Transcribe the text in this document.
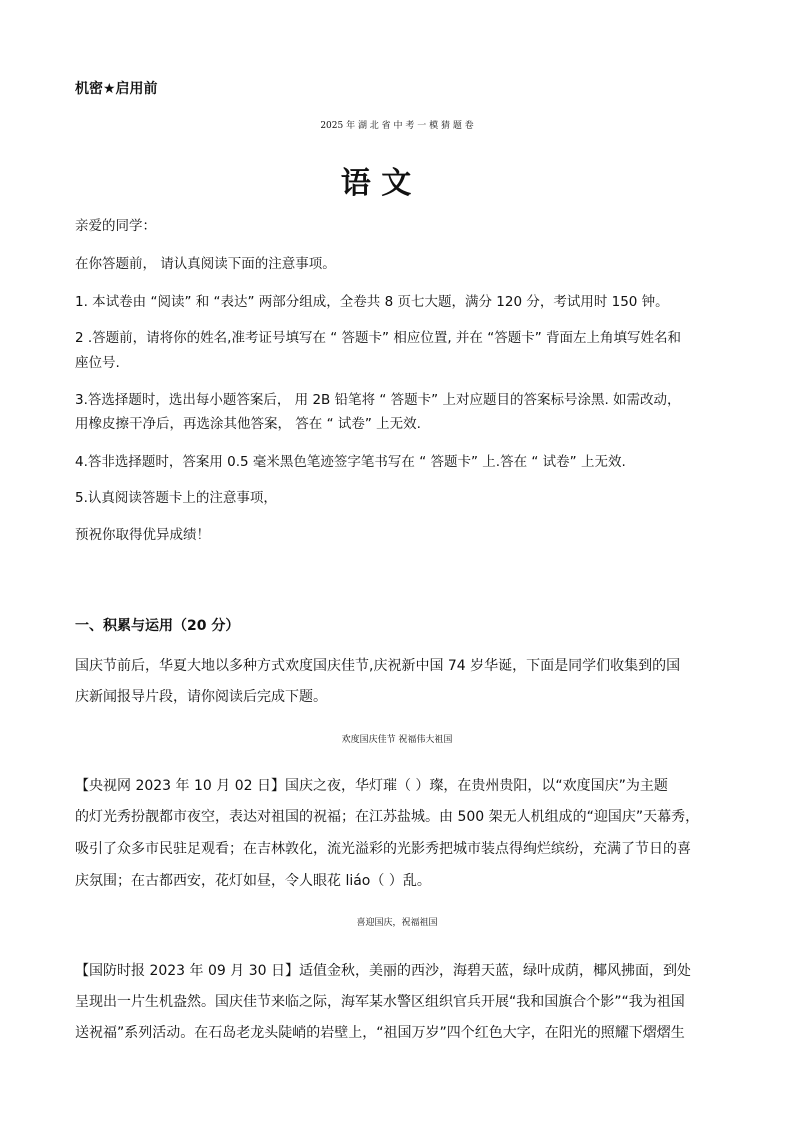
机密★启用前
2025 年 湖 北 省 中 考 一 模 猜 题 卷
语 文
亲爱的同学：
在你答题前， 请认真阅读下面的注意事项。
1. 本试卷由 “阅读” 和 “表达” 两部分组成，全卷共 8 页七大题，满分 120 分，考试用时 150 钟。
2 .答题前，请将你的姓名,准考证号填写在 “ 答题卡” 相应位置, 并在 “答题卡” 背面左上角填写姓名和
座位号.
3.答选择题时，选出每小题答案后， 用 2B 铅笔将 “ 答题卡” 上对应题目的答案标号涂黑. 如需改动，
用橡皮擦干净后，再选涂其他答案， 答在 “ 试卷” 上无效.
4.答非选择题时，答案用 0.5 毫米黑色笔迹签字笔书写在 “ 答题卡” 上.答在 “ 试卷” 上无效.
5.认真阅读答题卡上的注意事项，
预祝你取得优异成绩！
一、积累与运用（20 分）
国庆节前后，华夏大地以多种方式欢度国庆佳节,庆祝新中国 74 岁华诞，下面是同学们收集到的国
庆新闻报导片段，请你阅读后完成下题。
欢度国庆佳节 祝福伟大祖国
【央视网 2023 年 10 月 02 日】国庆之夜，华灯璀（ ）璨，在贵州贵阳，以“欢度国庆”为主题
的灯光秀扮靓都市夜空，表达对祖国的祝福；在江苏盐城。由 500 架无人机组成的“迎国庆”天幕秀，
吸引了众多市民驻足观看；在吉林敦化，流光溢彩的光影秀把城市装点得绚烂缤纷，充满了节日的喜
庆氛围；在古都西安，花灯如昼，令人眼花 liáo（ ）乱。
喜迎国庆，祝福祖国
【国防时报 2023 年 09 月 30 日】适值金秋，美丽的西沙，海碧天蓝，绿叶成荫，椰风拂面，到处
呈现出一片生机盎然。国庆佳节来临之际，海军某水警区组织官兵开展“我和国旗合个影”“我为祖国
送祝福”系列活动。在石岛老龙头陡峭的岩壁上，“祖国万岁”四个红色大字，在阳光的照耀下熠熠生
